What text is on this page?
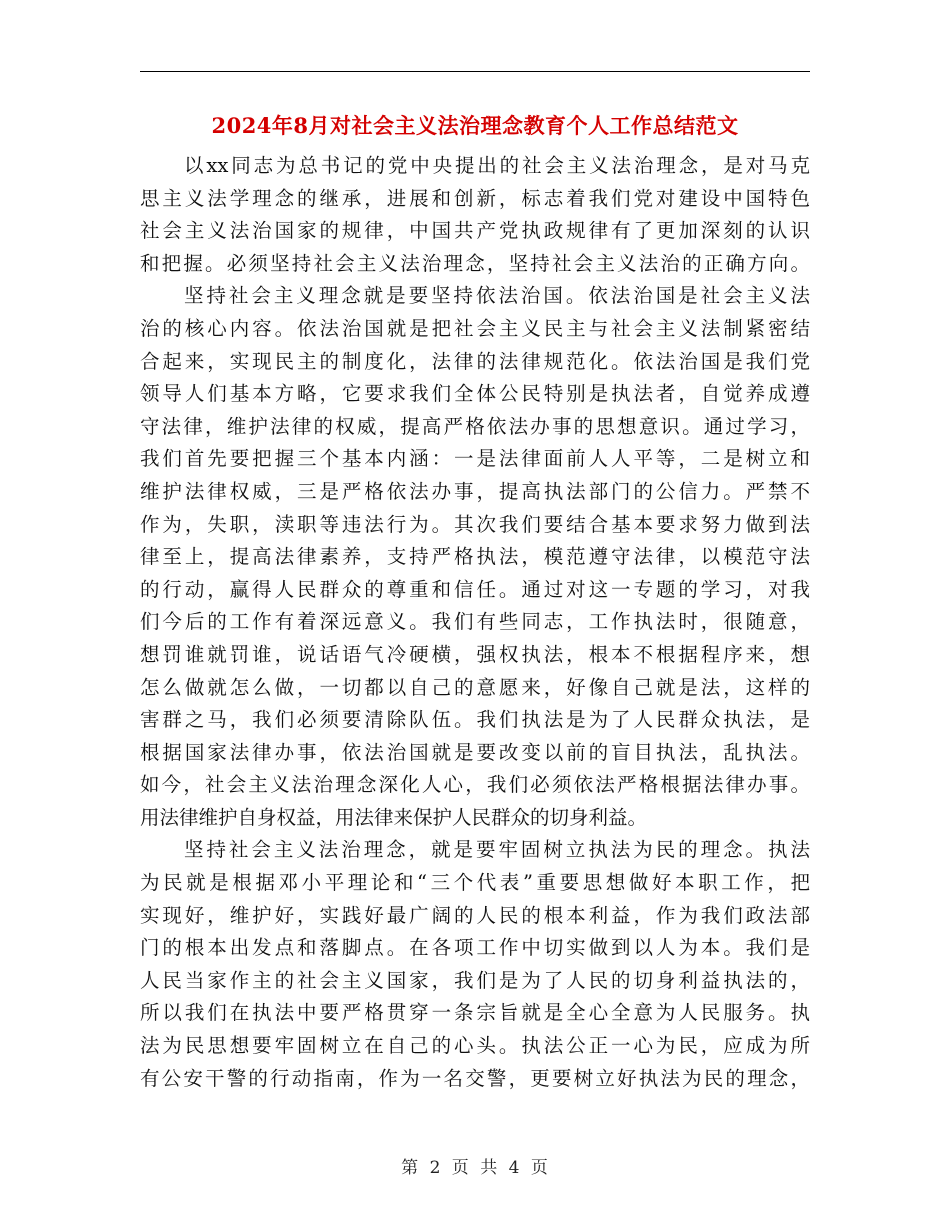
2024年8月对社会主义法治理念教育个人工作总结范文
以xx同志为总书记的党中央提出的社会主义法治理念，是对马克
思主义法学理念的继承，进展和创新，标志着我们党对建设中国特色
社会主义法治国家的规律，中国共产党执政规律有了更加深刻的认识
和把握。必须坚持社会主义法治理念，坚持社会主义法治的正确方向。
坚持社会主义理念就是要坚持依法治国。依法治国是社会主义法
治的核心内容。依法治国就是把社会主义民主与社会主义法制紧密结
合起来，实现民主的制度化，法律的法律规范化。依法治国是我们党
领导人们基本方略，它要求我们全体公民特别是执法者，自觉养成遵
守法律，维护法律的权威，提高严格依法办事的思想意识。通过学习，
我们首先要把握三个基本内涵：一是法律面前人人平等，二是树立和
维护法律权威，三是严格依法办事，提高执法部门的公信力。严禁不
作为，失职，渎职等违法行为。其次我们要结合基本要求努力做到法
律至上，提高法律素养，支持严格执法，模范遵守法律，以模范守法
的行动，赢得人民群众的尊重和信任。通过对这一专题的学习，对我
们今后的工作有着深远意义。我们有些同志，工作执法时，很随意，
想罚谁就罚谁，说话语气冷硬横，强权执法，根本不根据程序来，想
怎么做就怎么做，一切都以自己的意愿来，好像自己就是法，这样的
害群之马，我们必须要清除队伍。我们执法是为了人民群众执法，是
根据国家法律办事，依法治国就是要改变以前的盲目执法，乱执法。
如今，社会主义法治理念深化人心，我们必须依法严格根据法律办事。
用法律维护自身权益，用法律来保护人民群众的切身利益。
坚持社会主义法治理念，就是要牢固树立执法为民的理念。执法
为民就是根据邓小平理论和“三个代表”重要思想做好本职工作，把
实现好，维护好，实践好最广阔的人民的根本利益，作为我们政法部
门的根本出发点和落脚点。在各项工作中切实做到以人为本。我们是
人民当家作主的社会主义国家，我们是为了人民的切身利益执法的，
所以我们在执法中要严格贯穿一条宗旨就是全心全意为人民服务。执
法为民思想要牢固树立在自己的心头。执法公正一心为民，应成为所
有公安干警的行动指南，作为一名交警，更要树立好执法为民的理念，
第 2 页 共 4 页
